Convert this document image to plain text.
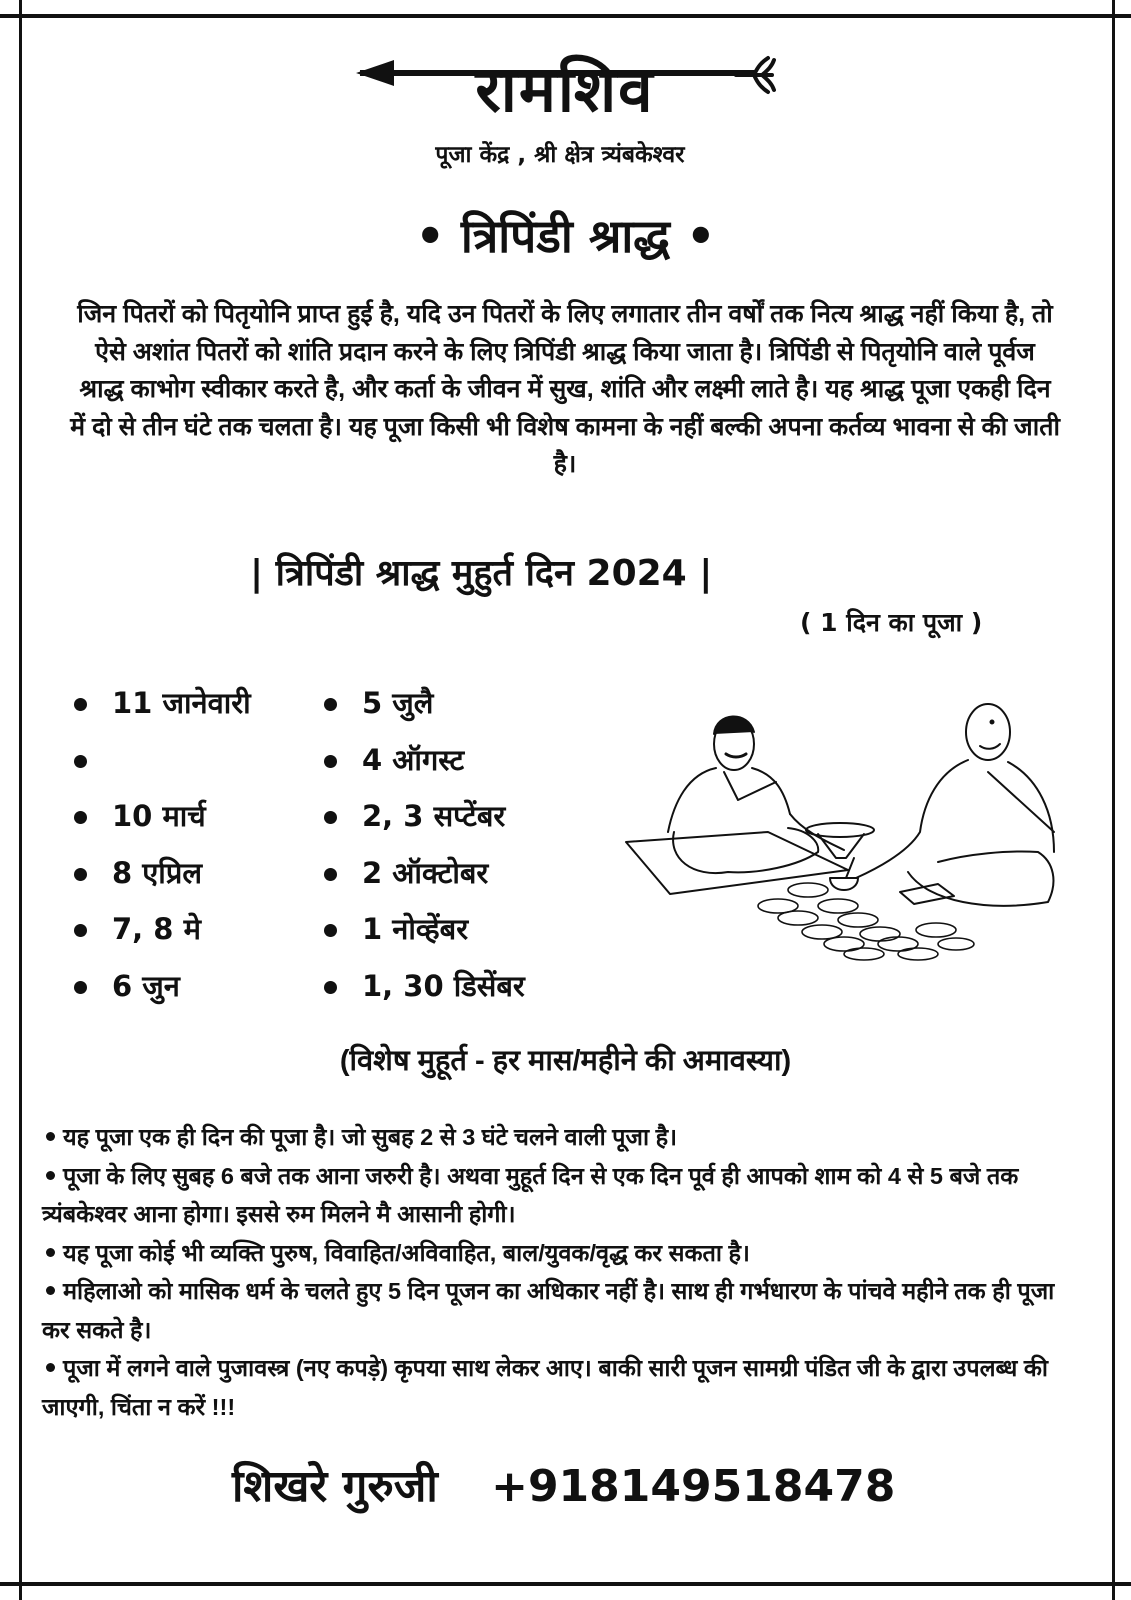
रामशिव
पूजा केंद्र , श्री क्षेत्र त्र्यंबकेश्वर
• त्रिपिंडी श्राद्ध •
जिन पितरों को पितृयोनि प्राप्त हुई है, यदि उन पितरों के लिए लगातार तीन वर्षों तक नित्य श्राद्ध नहीं किया है, तो ऐसे अशांत पितरों को शांति प्रदान करने के लिए त्रिपिंडी श्राद्ध किया जाता है। त्रिपिंडी से पितृयोनि वाले पूर्वज श्राद्ध काभोग स्वीकार करते है, और कर्ता के जीवन में सुख, शांति और लक्ष्मी लाते है। यह श्राद्ध पूजा एकही दिन में दो से तीन घंटे तक चलता है। यह पूजा किसी भी विशेष कामना के नहीं बल्की अपना कर्तव्य भावना से की जाती है।
| त्रिपिंडी श्राद्ध मुहुर्त दिन 2024 |
( 1 दिन का पूजा )
11 जानेवारी
10 मार्च
8 एप्रिल
7, 8 मे
6 जुन
5 जुलै
4 ऑगस्ट
2, 3 सप्टेंबर
2 ऑक्टोबर
1 नोव्हेंबर
1, 30 डिसेंबर
(विशेष मुहूर्त - हर मास/महीने की अमावस्या)
यह पूजा एक ही दिन की पूजा है। जो सुबह 2 से 3 घंटे चलने वाली पूजा है।
पूजा के लिए सुबह 6 बजे तक आना जरुरी है। अथवा मुहूर्त दिन से एक दिन पूर्व ही आपको शाम को 4 से 5 बजे तक त्र्यंबकेश्वर आना होगा। इससे रुम मिलने मै आसानी होगी।
यह पूजा कोई भी व्यक्ति पुरुष, विवाहित/अविवाहित, बाल/युवक/वृद्ध कर सकता है।
महिलाओ को मासिक धर्म के चलते हुए 5 दिन पूजन का अधिकार नहीं है। साथ ही गर्भधारण के पांचवे महीने तक ही पूजा कर सकते है।
पूजा में लगने वाले पुजावस्त्र (नए कपड़े) कृपया साथ लेकर आए। बाकी सारी पूजन सामग्री पंडित जी के द्वारा उपलब्ध की जाएगी, चिंता न करें !!!
शिखरे गुरुजी +918149518478
